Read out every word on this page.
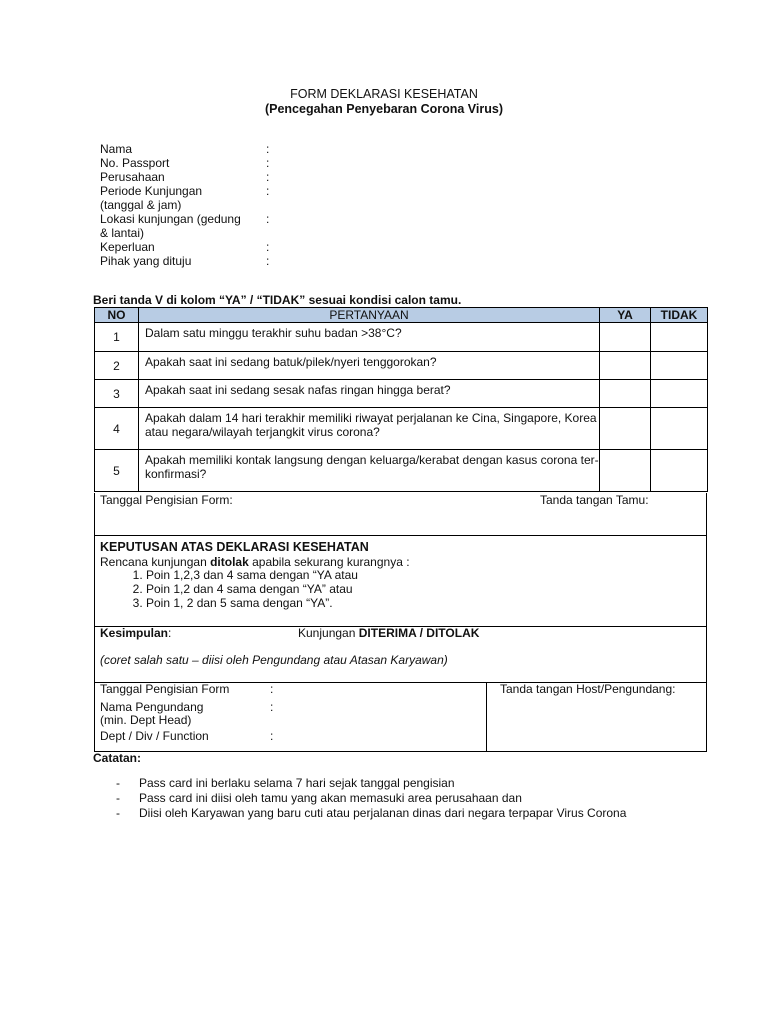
FORM DEKLARASI KESEHATAN
(Pencegahan Penyebaran Corona Virus)
Nama	:
No. Passport	:
Perusahaan	:
Periode Kunjungan	:
(tanggal & jam)
Lokasi kunjungan (gedung	:
& lantai)
Keperluan	:
Pihak yang dituju	:
Beri tanda V di kolom “YA” / “TIDAK” sesuai kondisi calon tamu.
NO	PERTANYAAN	YA	TIDAK
1	Dalam satu minggu terakhir suhu badan >38°C?		
2	Apakah saat ini sedang batuk/pilek/nyeri tenggorokan?		
3	Apakah saat ini sedang sesak nafas ringan hingga berat?		
4	Apakah dalam 14 hari terakhir memiliki riwayat perjalanan ke Cina, Singapore, Korea atau negara/wilayah terjangkit virus corona?		
5	Apakah memiliki kontak langsung dengan keluarga/kerabat dengan kasus corona ter-konfirmasi?		
Tanggal Pengisian Form:	Tanda tangan Tamu:
KEPUTUSAN ATAS DEKLARASI KESEHATAN
Rencana kunjungan ditolak apabila sekurang kurangnya :
1. Poin 1,2,3 dan 4 sama dengan “YA atau
2. Poin 1,2 dan 4 sama dengan “YA” atau
3. Poin 1, 2 dan 5 sama dengan “YA”.
Kesimpulan:	Kunjungan DITERIMA / DITOLAK
(coret salah satu – diisi oleh Pengundang atau Atasan Karyawan)
Tanggal Pengisian Form	:
Nama Pengundang	:
(min. Dept Head)
Dept / Div / Function	:
Tanda tangan Host/Pengundang:
Catatan:
-	Pass card ini berlaku selama 7 hari sejak tanggal pengisian
-	Pass card ini diisi oleh tamu yang akan memasuki area perusahaan dan
-	Diisi oleh Karyawan yang baru cuti atau perjalanan dinas dari negara terpapar Virus Corona
